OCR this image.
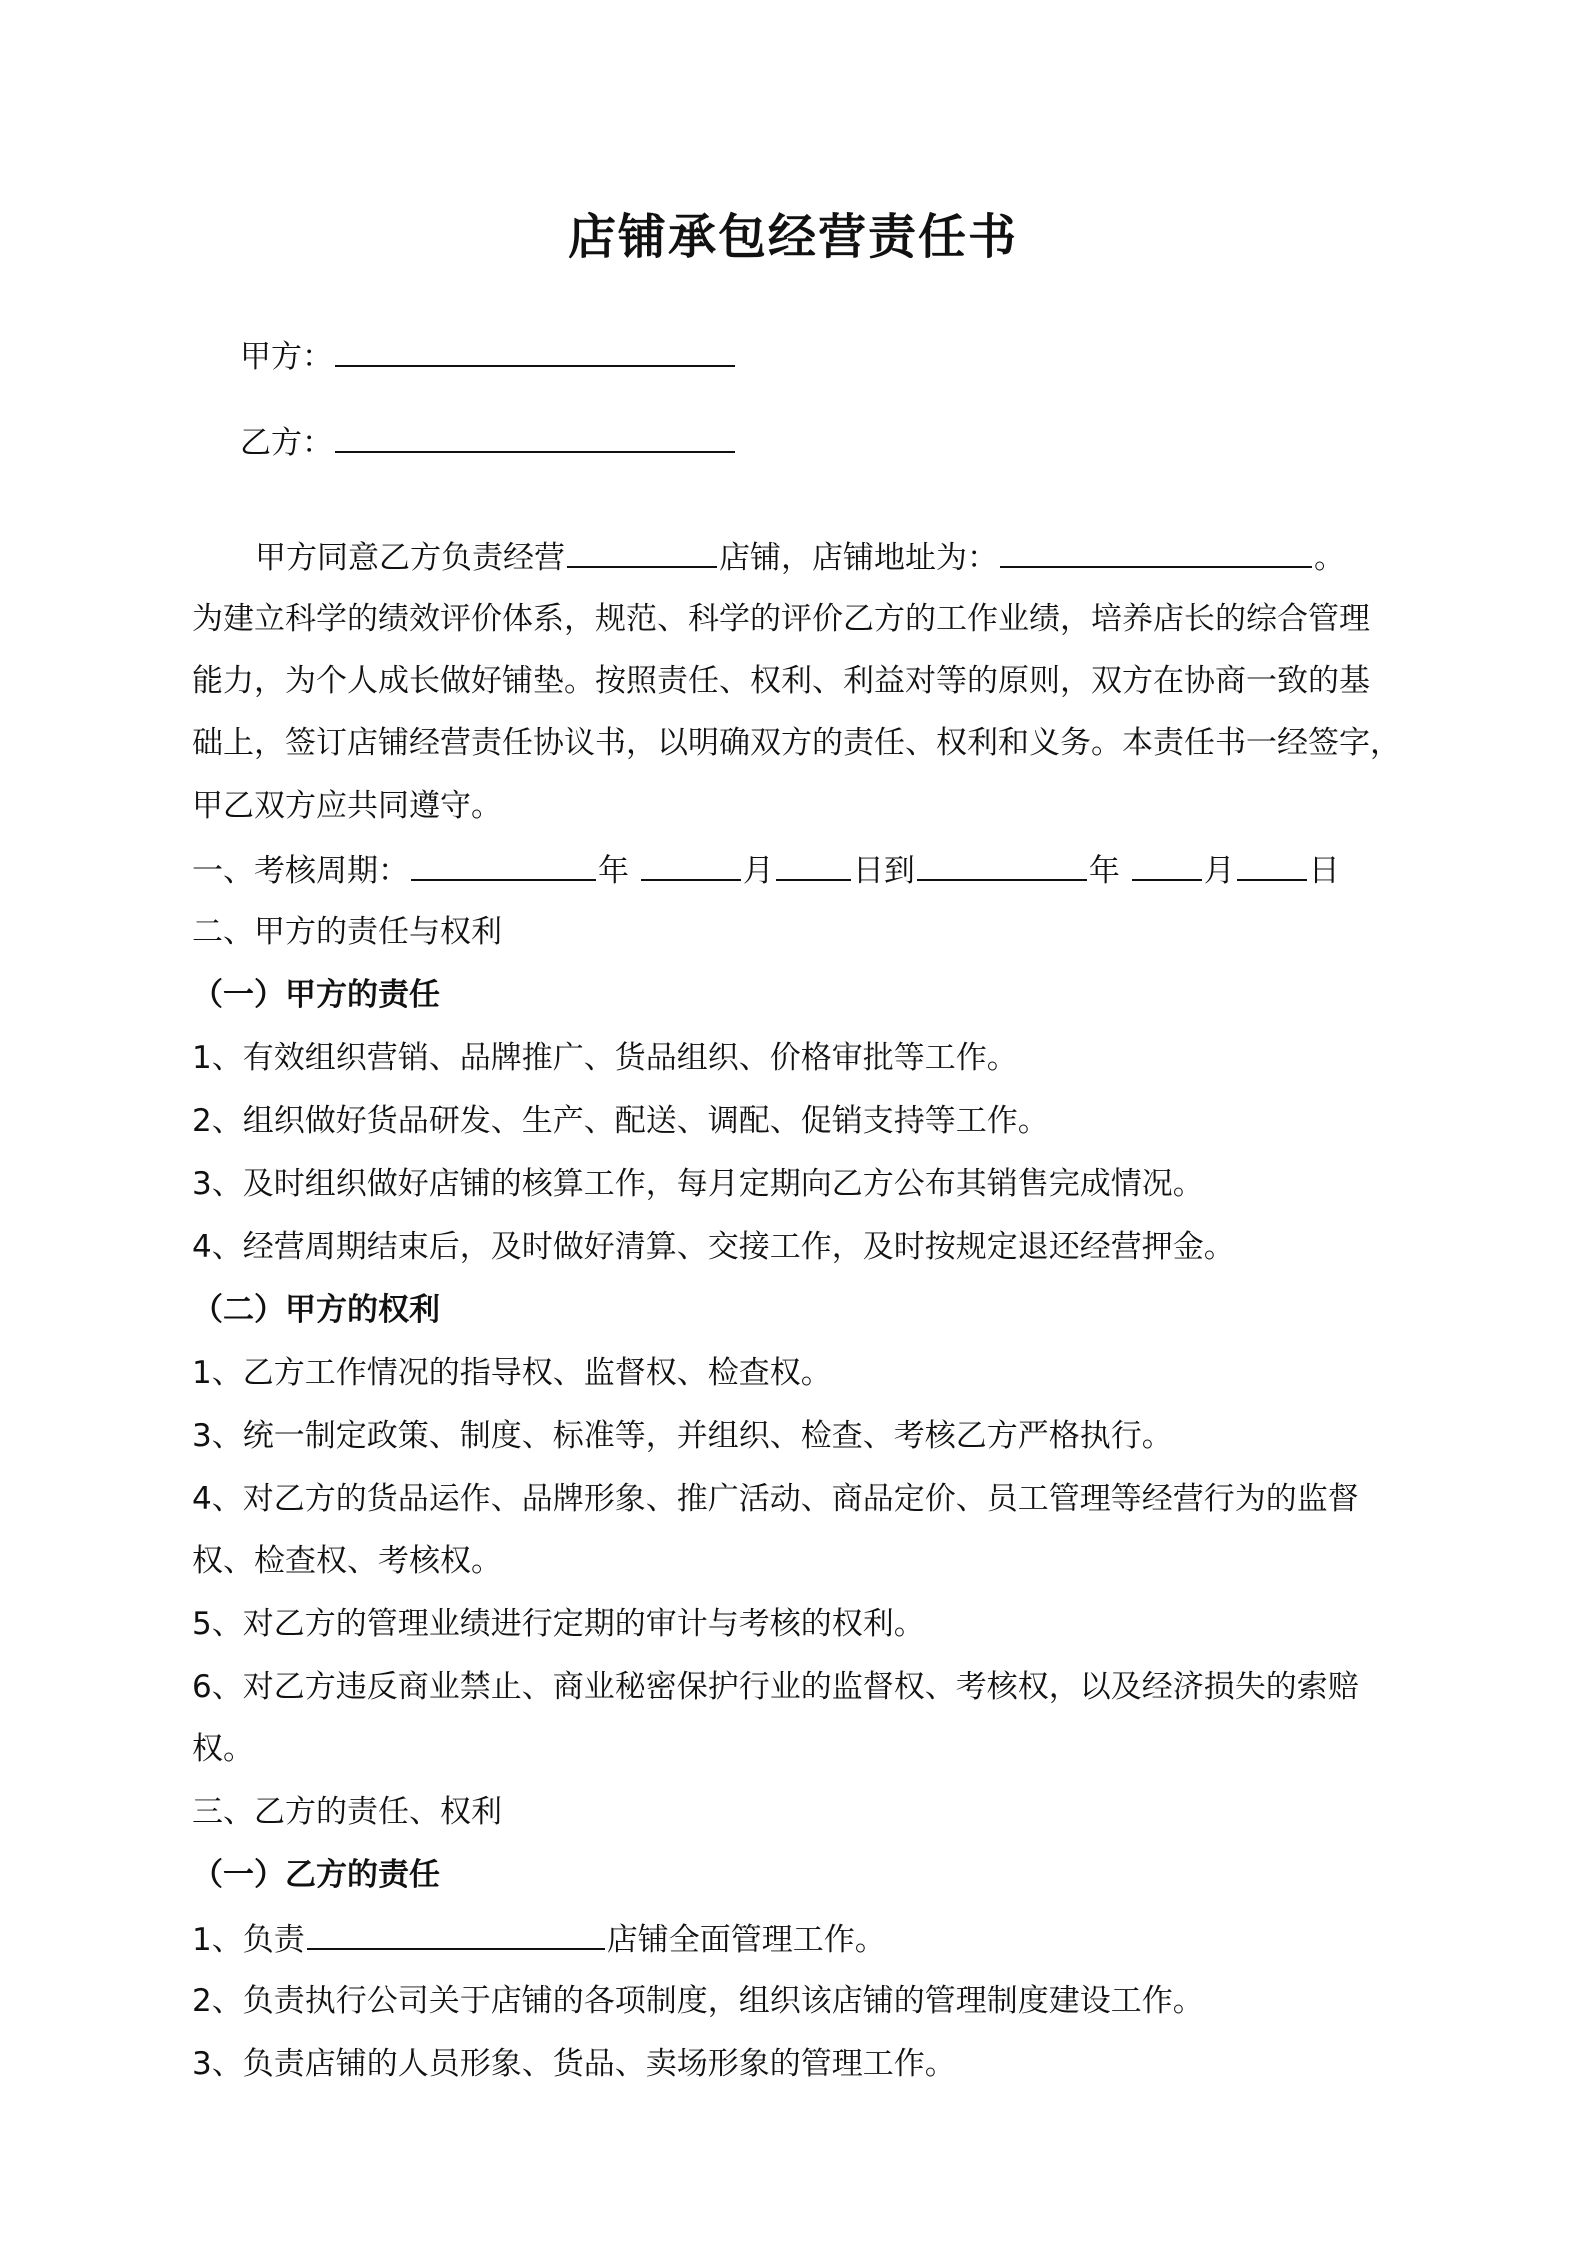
店铺承包经营责任书
甲方：
乙方：
甲方同意乙方负责经营	店铺，店铺地址为：	。
为建立科学的绩效评价体系，规范、科学的评价乙方的工作业绩，培养店长的综合管理
能力，为个人成长做好铺垫。按照责任、权利、利益对等的原则，双方在协商一致的基
础上，签订店铺经营责任协议书，以明确双方的责任、权利和义务。本责任书一经签字，
甲乙双方应共同遵守。
一、考核周期：	年	月	日到	年	月 日
二、甲方的责任与权利
（一）甲方的责任
1、有效组织营销、品牌推广、货品组织、价格审批等工作。
2、组织做好货品研发、生产、配送、调配、促销支持等工作。
3、及时组织做好店铺的核算工作，每月定期向乙方公布其销售完成情况。
4、经营周期结束后，及时做好清算、交接工作，及时按规定退还经营押金。
（二）甲方的权利
1、乙方工作情况的指导权、监督权、检查权。
3、统一制定政策、制度、标准等，并组织、检查、考核乙方严格执行。
4、对乙方的货品运作、品牌形象、推广活动、商品定价、员工管理等经营行为的监督
权、检查权、考核权。
5、对乙方的管理业绩进行定期的审计与考核的权利。
6、对乙方违反商业禁止、商业秘密保护行业的监督权、考核权，以及经济损失的索赔
权。
三、乙方的责任、权利
（一）乙方的责任
1、负责	店铺全面管理工作。
2、负责执行公司关于店铺的各项制度，组织该店铺的管理制度建设工作。
3、负责店铺的人员形象、货品、卖场形象的管理工作。
